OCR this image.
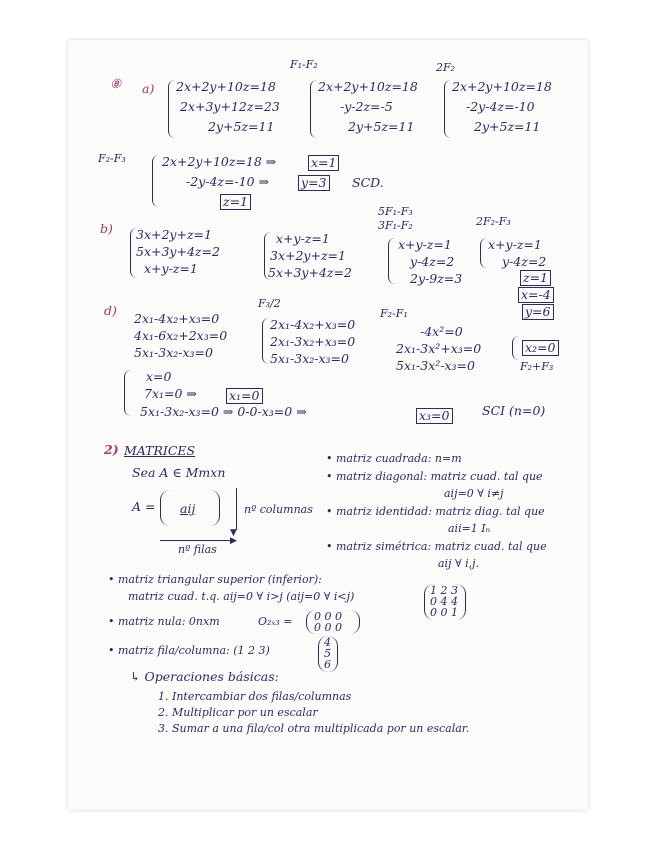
F₁-F₂	2F₂
⑧ a) 2x+2y+10z=18
2x+3y+12z=23
2y+5z=11
2x+2y+10z=18
-y-2z=-5
2y+5z=11
2x+2y+10z=18
-2y-4z=-10
2y+5z=11
F₂-F₃	2x+2y+10z=18 ⇒	x=1
-2y-4z=-10 ⇒	y=3 SCD.
z=1
5F₁-F₃
3F₁-F₂	2F₂-F₃
b) 3x+2y+z=1
5x+3y+4z=2
x+y-z=1
x+y-z=1
3x+2y+z=1
5x+3y+4z=2
x+y-z=1
y-4z=2
2y-9z=3
x+y-z=1
y-4z=2
z=1
x=-4
y=6
F₃/2
F₂-F₁
d)
2x₁-4x₂+x₃=0
4x₁-6x₂+2x₃=0
5x₁-3x₂-x₃=0
2x₁-4x₂+x₃=0
2x₁-3x₂+x₃=0
5x₁-3x₂-x₃=0
-4x²=0
2x₁-3x²+x₃=0
5x₁-3x²-x₃=0
x₂=0
F₂+F₃
x=0
7x₁=0 ⇒	x₁=0
5x₁-3x₂-x₃=0 ⇒ 0-0-x₃=0 ⇒	x₃=0	SCI (n=0)
2) MATRICES
Sea A ∈ Mmxn
A = aij
▼
nº columnas
▶
nº filas
• matriz cuadrada: n=m
• matriz diagonal: matriz cuad. tal que
aij=0 ∀ i≠j
• matriz identidad: matriz diag. tal que
aii=1 Iₙ
• matriz simétrica: matriz cuad. tal que
aij ∀ i,j.
• matriz triangular superior (inferior):
matriz cuad. t.q. aij=0 ∀ i>j (aij=0 ∀ i<j)	1 2 3
0 4 4
0 0 1
• matriz nula: 0nxm	O₂ₓ₃ = 0 0 0
0 0 0
• matriz fila/columna: (1 2 3)
4
5
6
↳ Operaciones básicas:
1. Intercambiar dos filas/columnas
2. Multiplicar por un escalar
3. Sumar a una fila/col otra multiplicada por un escalar.
